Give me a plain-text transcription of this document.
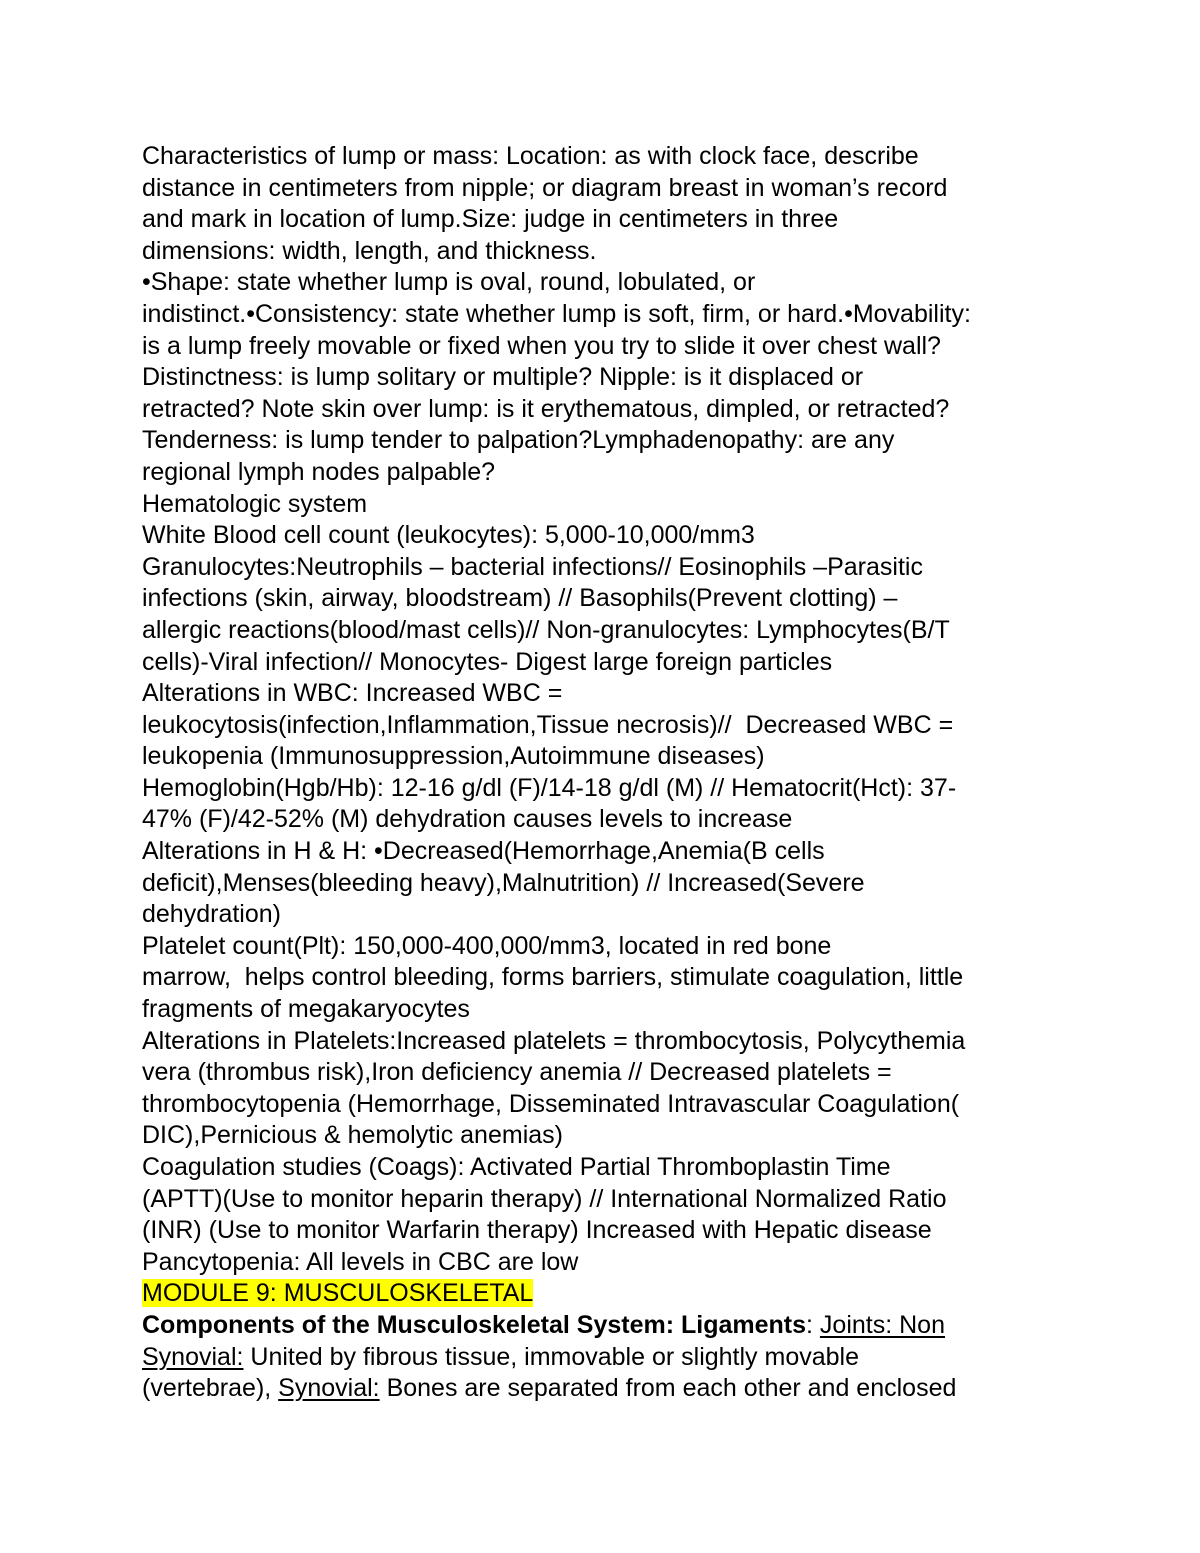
Characteristics of lump or mass: Location: as with clock face, describe
distance in centimeters from nipple; or diagram breast in woman’s record
and mark in location of lump.Size: judge in centimeters in three
dimensions: width, length, and thickness.
•Shape: state whether lump is oval, round, lobulated, or
indistinct.•Consistency: state whether lump is soft, firm, or hard.•Movability:
is a lump freely movable or fixed when you try to slide it over chest wall?
Distinctness: is lump solitary or multiple? Nipple: is it displaced or
retracted? Note skin over lump: is it erythematous, dimpled, or retracted?
Tenderness: is lump tender to palpation?Lymphadenopathy: are any
regional lymph nodes palpable?
Hematologic system
White Blood cell count (leukocytes): 5,000-10,000/mm3
Granulocytes:Neutrophils – bacterial infections// Eosinophils –Parasitic
infections (skin, airway, bloodstream) // Basophils(Prevent clotting) –
allergic reactions(blood/mast cells)// Non-granulocytes: Lymphocytes(B/T
cells)-Viral infection// Monocytes- Digest large foreign particles
Alterations in WBC: Increased WBC =
leukocytosis(infection,Inflammation,Tissue necrosis)//  Decreased WBC =
leukopenia (Immunosuppression,Autoimmune diseases)
Hemoglobin(Hgb/Hb): 12-16 g/dl (F)/14-18 g/dl (M) // Hematocrit(Hct): 37-
47% (F)/42-52% (M) dehydration causes levels to increase
Alterations in H & H: •Decreased(Hemorrhage,Anemia(B cells
deficit),Menses(bleeding heavy),Malnutrition) // Increased(Severe
dehydration)
Platelet count(Plt): 150,000-400,000/mm3, located in red bone
marrow,  helps control bleeding, forms barriers, stimulate coagulation, little
fragments of megakaryocytes
Alterations in Platelets:Increased platelets = thrombocytosis, Polycythemia
vera (thrombus risk),Iron deficiency anemia // Decreased platelets =
thrombocytopenia (Hemorrhage, Disseminated Intravascular Coagulation(
DIC),Pernicious & hemolytic anemias)
Coagulation studies (Coags): Activated Partial Thromboplastin Time
(APTT)(Use to monitor heparin therapy) // International Normalized Ratio
(INR) (Use to monitor Warfarin therapy) Increased with Hepatic disease
Pancytopenia: All levels in CBC are low
MODULE 9: MUSCULOSKELETAL
Components of the Musculoskeletal System: Ligaments: Joints: Non
Synovial: United by fibrous tissue, immovable or slightly movable
(vertebrae), Synovial: Bones are separated from each other and enclosed
